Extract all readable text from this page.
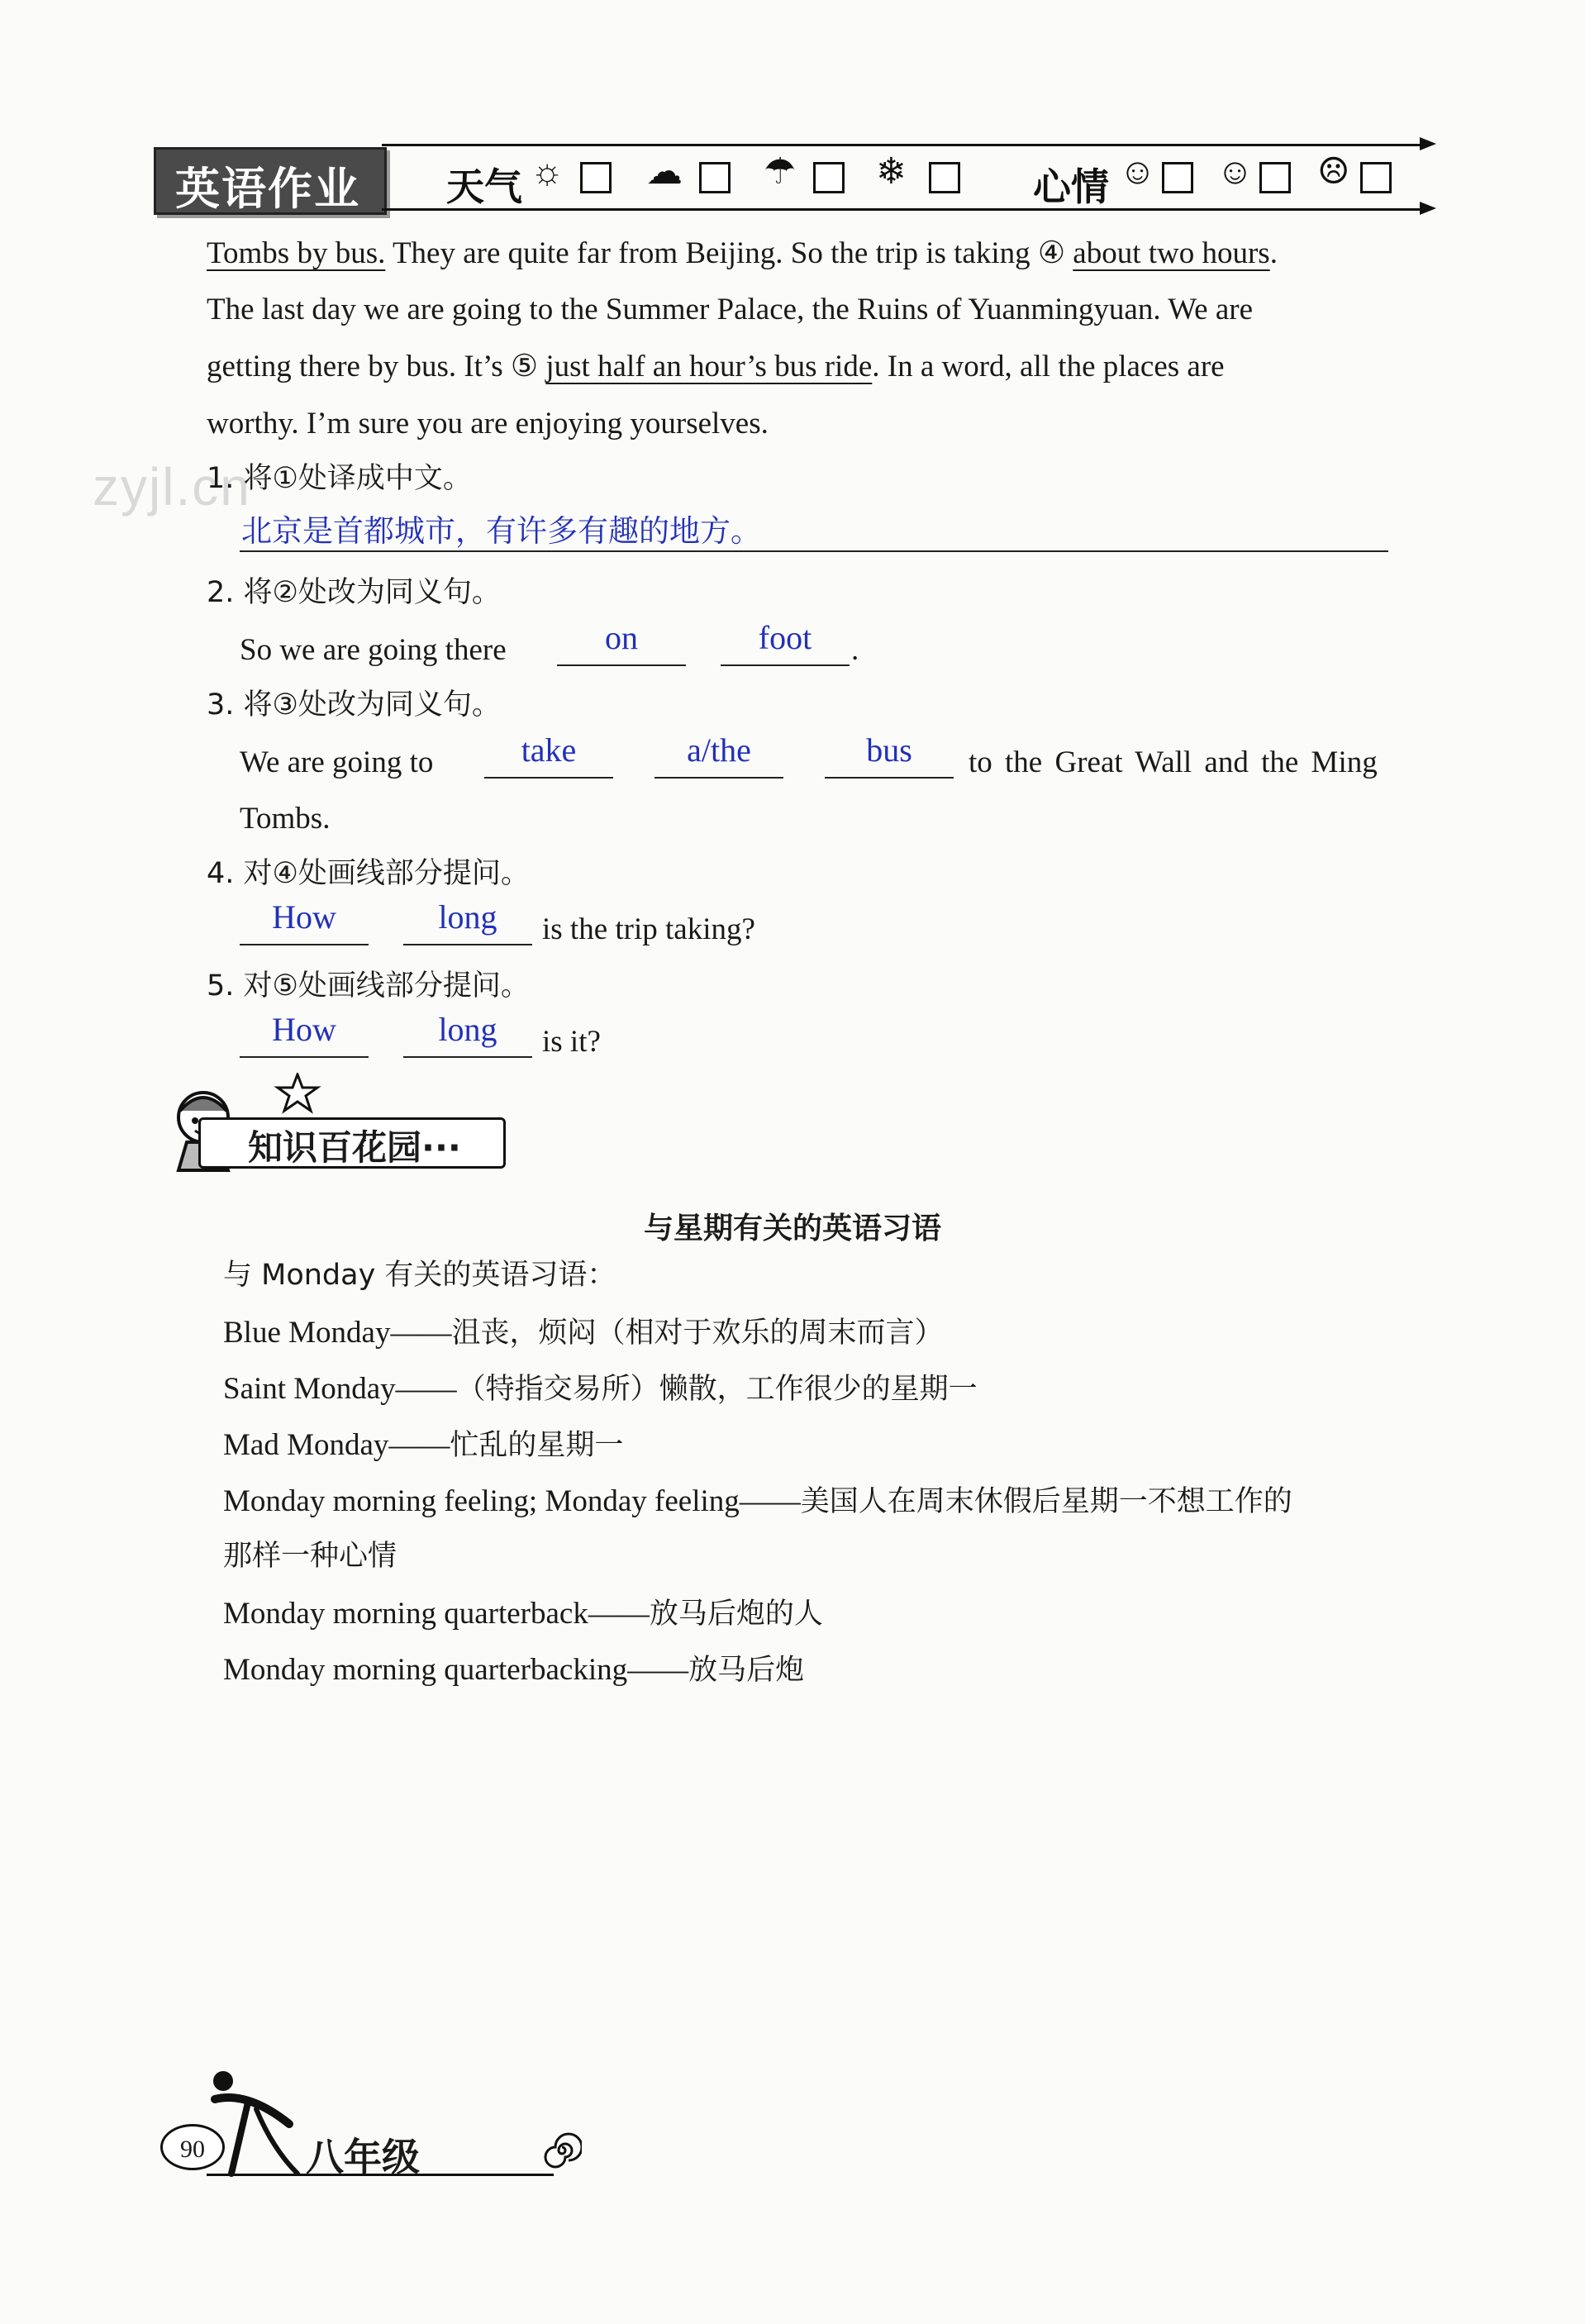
英语作业	天气 ☼ ☁ ☂ ❄	心情 ☺ ☺ ☹
Tombs by bus. They are quite far from Beijing. So the trip is taking ④ about two hours.
The last day we are going to the Summer Palace, the Ruins of Yuanmingyuan. We are
getting there by bus. It’s ⑤ just half an hour’s bus ride. In a word, all the places are
worthy. I’m sure you are enjoying yourselves.
zyjl.cn
1. 将①处译成中文。
北京是首都城市，有许多有趣的地方。
2. 将②处改为同义句。
So we are going there	on	foot	.
3. 将③处改为同义句。
We are going to	take	a/the	bus	to the Great Wall and the Ming
Tombs.
4. 对④处画线部分提问。
How	long	is the trip taking?
5. 对⑤处画线部分提问。
How	long	is it?
知识百花园···
与星期有关的英语习语
与 Monday 有关的英语习语：
Blue Monday——沮丧，烦闷（相对于欢乐的周末而言）
Saint Monday——（特指交易所）懒散，工作很少的星期一
Mad Monday——忙乱的星期一
Monday morning feeling; Monday feeling——美国人在周末休假后星期一不想工作的
那样一种心情
Monday morning quarterback——放马后炮的人
Monday morning quarterbacking——放马后炮
90	八年级
